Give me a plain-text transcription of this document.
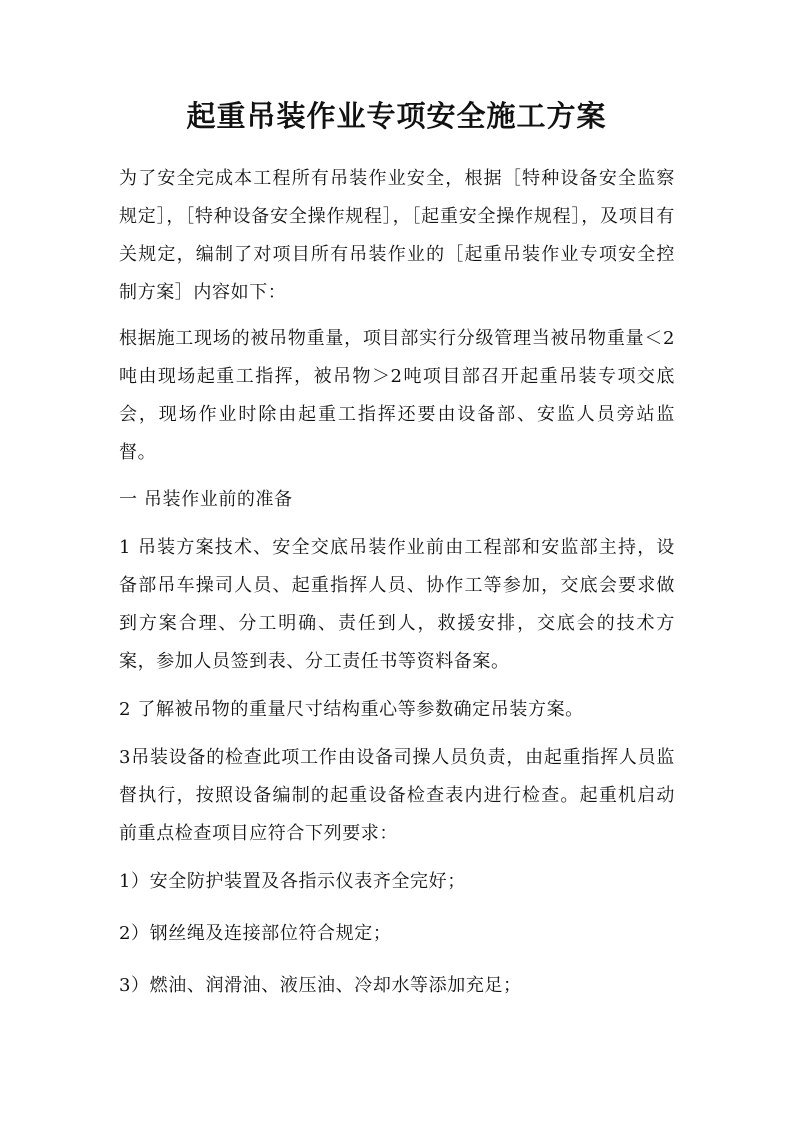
起重吊装作业专项安全施工方案

为了安全完成本工程所有吊装作业安全，根据［特种设备安全监察规定］，［特种设备安全操作规程］，［起重安全操作规程］，及项目有关规定，编制了对项目所有吊装作业的［起重吊装作业专项安全控制方案］内容如下：

根据施工现场的被吊物重量，项目部实行分级管理当被吊物重量＜2吨由现场起重工指挥，被吊物＞2吨项目部召开起重吊装专项交底会，现场作业时除由起重工指挥还要由设备部、安监人员旁站监督。

一 吊装作业前的准备

1 吊装方案技术、安全交底吊装作业前由工程部和安监部主持，设备部吊车操司人员、起重指挥人员、协作工等参加，交底会要求做到方案合理、分工明确、责任到人，救援安排，交底会的技术方案，参加人员签到表、分工责任书等资料备案。

2 了解被吊物的重量尺寸结构重心等参数确定吊装方案。

3吊装设备的检查此项工作由设备司操人员负责，由起重指挥人员监督执行，按照设备编制的起重设备检查表内进行检查。起重机启动前重点检查项目应符合下列要求：

1）安全防护装置及各指示仪表齐全完好；

2）钢丝绳及连接部位符合规定；

3）燃油、润滑油、液压油、冷却水等添加充足；
